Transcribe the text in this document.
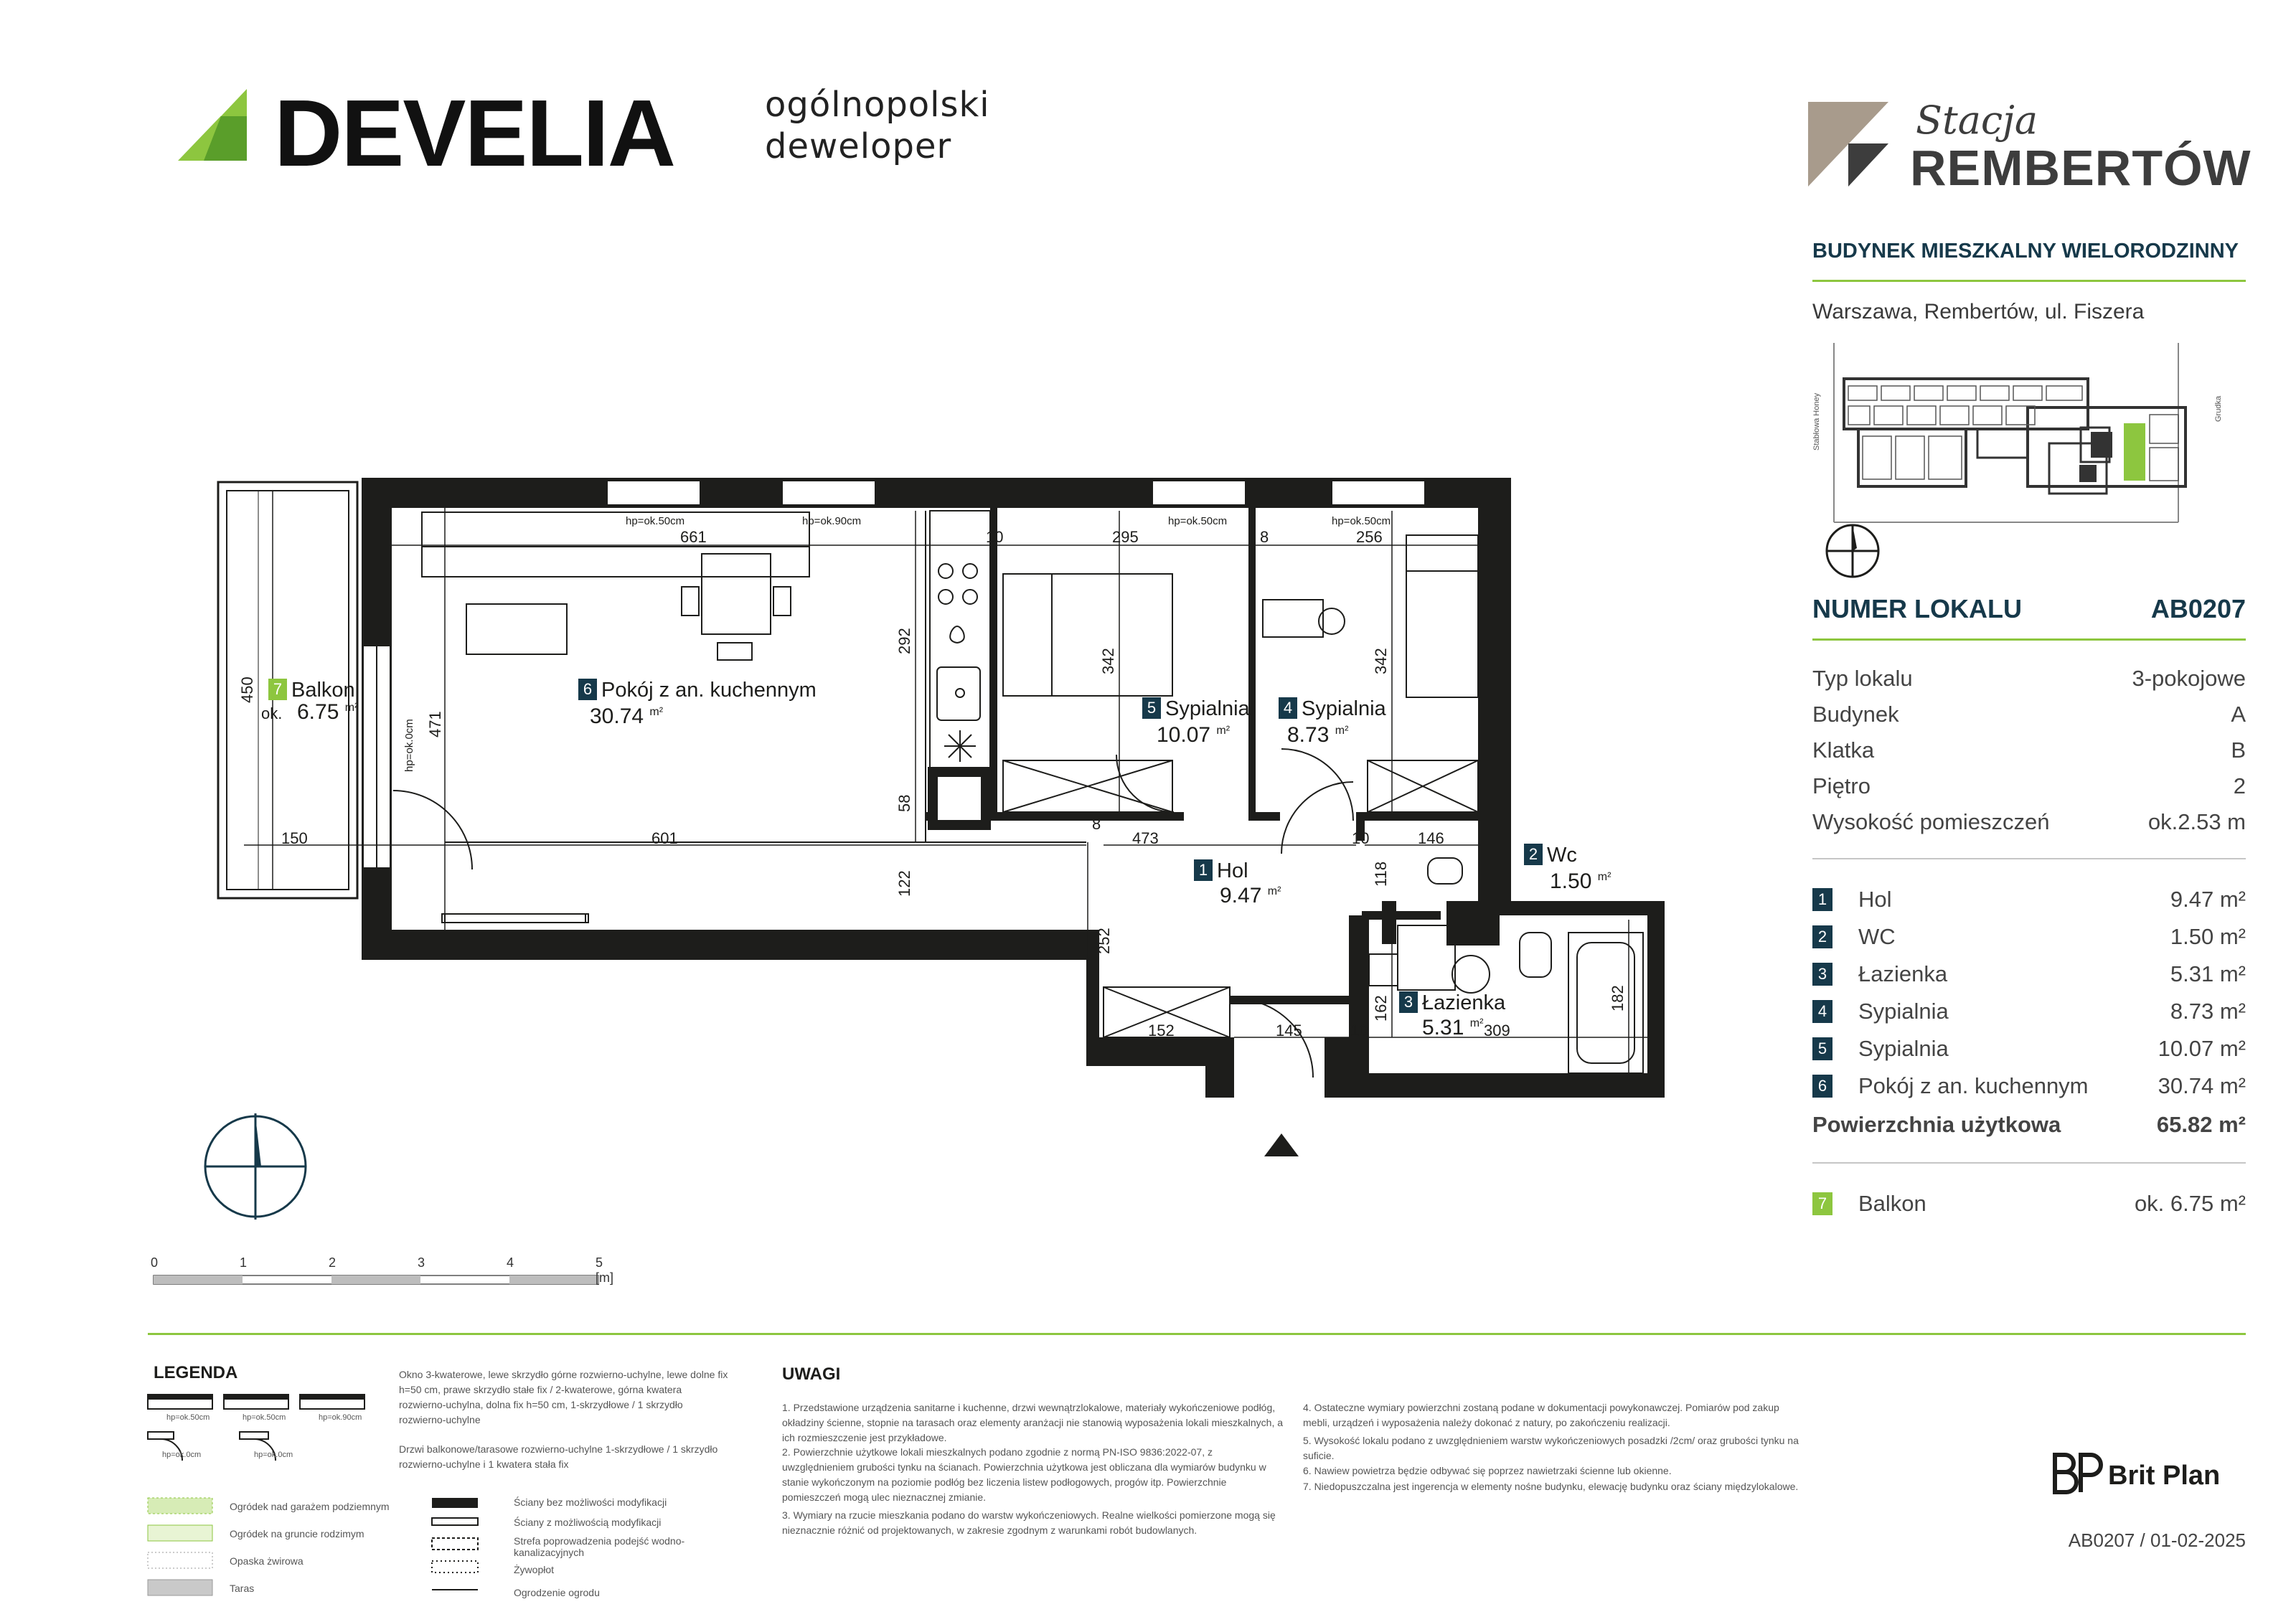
DEVELIA	ogólnopolski
deweloper
Stacja
REMBERTÓW
BUDYNEK MIESZKALNY WIELORODZINNY
Warszawa, Rembertów, ul. Fiszera
Stabłowa Honey	Grudka
NUMER LOKALU	AB0207
Typ lokalu	3-pokojowe
Budynek	A
Klatka	B
Piętro	2
Wysokość pomieszczeń	ok.2.53 m
1 Hol	9.47 m²
2 WC	1.50 m²
3 Łazienka	5.31 m²
4 Sypialnia	8.73 m²
5 Sypialnia	10.07 m²
6 Pokój z an. kuchennym	30.74 m²
Powierzchnia użytkowa	65.82 m²
7 Balkon	ok. 6.75 m²
7 Balkon
ok. 6.75 $^{m^2}$
6 Pokój z an. kuchennym
30.74 $^{m^2}$	5 Sypialnia
10.07 $^{m^2}$
4 Sypialnia
8.73 $^{m^2}$
1 Hol
9.47 $^{m^2}$
2 Wc
1.50 $^{m^2}$
3 Łazienka
5.31 $^{m^2}$
661	10	295	8	256
292
342	342
471
450
58
150	601
8
473	10	146
122	118
252
152	145	10
162
309
182
hp=ok.50cm	hp=ok.90cm	hp=ok.50cm	hp=ok.50cm
hp=ok.0cm
0	1	2	3	4	5 [m]
LEGENDA
hp=ok.50cm	hp=ok.50cm	hp=ok.90cm
hp=ok.0cm	hp=ok.0cm
Ogródek nad garażem podziemnym
Ogródek na gruncie rodzimym
Opaska żwirowa
Taras
Okno 3-kwaterowe, lewe skrzydło górne rozwierno-uchylne, lewe dolne fix h=50 cm, prawe skrzydło stałe fix / 2-kwaterowe, górna kwatera rozwierno-uchylna, dolna fix h=50 cm, 1-skrzydłowe / 1 skrzydło rozwierno-uchylne
Drzwi balkonowe/tarasowe rozwierno-uchylne 1-skrzydłowe / 1 skrzydło rozwierno-uchylne i 1 kwatera stała fix
Ściany bez możliwości modyfikacji
Ściany z możliwością modyfikacji
Strefa poprowadzenia podejść wodno-kanalizacyjnych
Żywopłot
Ogrodzenie ogrodu
UWAGI
1. Przedstawione urządzenia sanitarne i kuchenne, drzwi wewnątrzlokalowe, materiały wykończeniowe podłóg, okładziny ścienne, stopnie na tarasach oraz elementy aranżacji nie stanowią wyposażenia lokali mieszkalnych, a ich rozmieszczenie jest przykładowe.
2. Powierzchnie użytkowe lokali mieszkalnych podano zgodnie z normą PN-ISO 9836:2022-07, z uwzględnieniem grubości tynku na ścianach. Powierzchnia użytkowa jest obliczana dla wymiarów budynku w stanie wykończonym na poziomie podłóg bez liczenia listew podłogowych, progów itp. Powierzchnie pomieszczeń mogą ulec nieznacznej zmianie.
3. Wymiary na rzucie mieszkania podano do warstw wykończeniowych. Realne wielkości pomierzone mogą się nieznacznie różnić od projektowanych, w zakresie zgodnym z warunkami robót budowlanych.
4. Ostateczne wymiary powierzchni zostaną podane w dokumentacji powykonawczej. Pomiarów pod zakup mebli, urządzeń i wyposażenia należy dokonać z natury, po zakończeniu realizacji.
5. Wysokość lokalu podano z uwzględnieniem warstw wykończeniowych posadzki /2cm/ oraz grubości tynku na suficie.
6. Nawiew powietrza będzie odbywać się poprzez nawietrzaki ścienne lub okienne.
7. Niedopuszczalna jest ingerencja w elementy nośne budynku, elewację budynku oraz ściany międzylokalowe.	Brit Plan
AB0207 / 01-02-2025
